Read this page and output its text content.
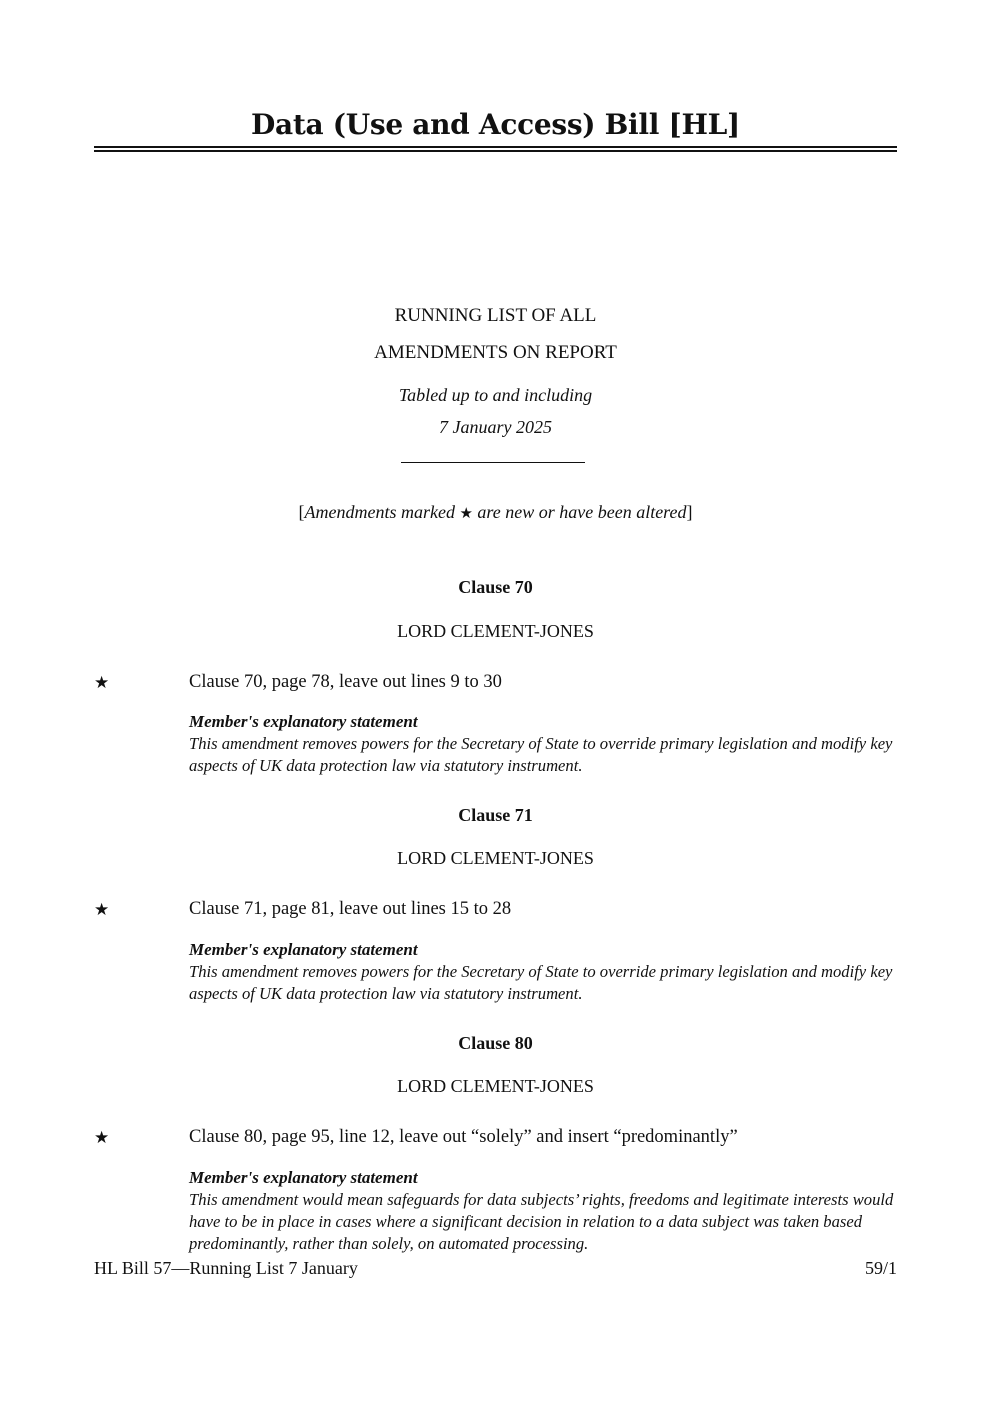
Data (Use and Access) Bill [HL]
RUNNING LIST OF ALL
AMENDMENTS ON REPORT
Tabled up to and including
7 January 2025
[Amendments marked ★ are new or have been altered]
Clause 70
LORD CLEMENT-JONES
★	Clause 70, page 78, leave out lines 9 to 30
Member's explanatory statement
This amendment removes powers for the Secretary of State to override primary legislation and modify key aspects of UK data protection law via statutory instrument.
Clause 71
LORD CLEMENT-JONES
★	Clause 71, page 81, leave out lines 15 to 28
Member's explanatory statement
This amendment removes powers for the Secretary of State to override primary legislation and modify key aspects of UK data protection law via statutory instrument.
Clause 80
LORD CLEMENT-JONES
★	Clause 80, page 95, line 12, leave out “solely” and insert “predominantly”
Member's explanatory statement
This amendment would mean safeguards for data subjects’ rights, freedoms and legitimate interests would have to be in place in cases where a significant decision in relation to a data subject was taken based predominantly, rather than solely, on automated processing.
HL Bill 57—Running List 7 January	59/1
